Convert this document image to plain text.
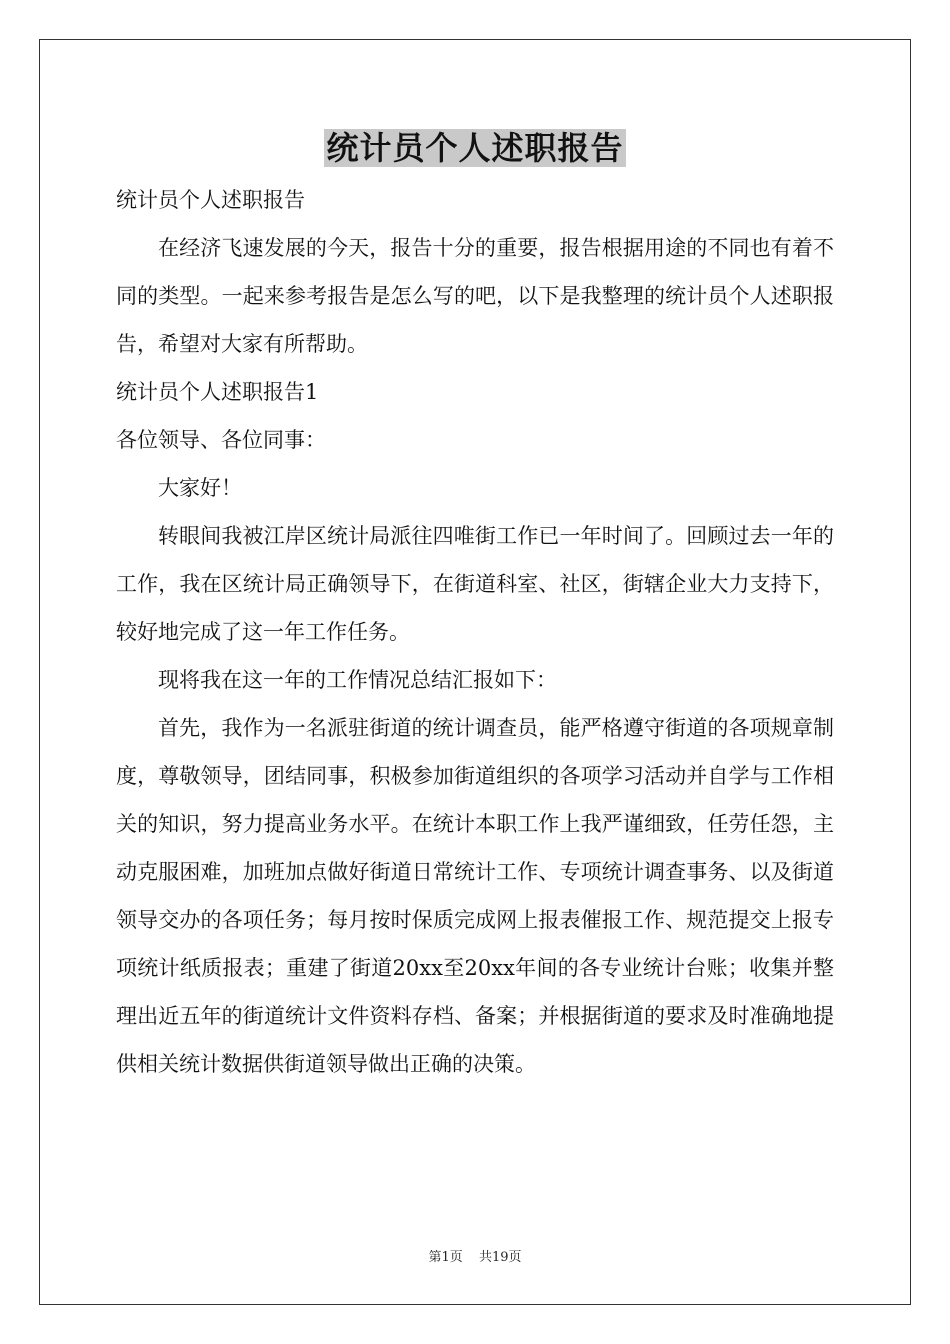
统计员个人述职报告

统计员个人述职报告

在经济飞速发展的今天，报告十分的重要，报告根据用途的不同也有着不同的类型。一起来参考报告是怎么写的吧，以下是我整理的统计员个人述职报告，希望对大家有所帮助。

统计员个人述职报告1

各位领导、各位同事：

大家好！

转眼间我被江岸区统计局派往四唯街工作已一年时间了。回顾过去一年的工作，我在区统计局正确领导下，在街道科室、社区，街辖企业大力支持下，较好地完成了这一年工作任务。

现将我在这一年的工作情况总结汇报如下：

首先，我作为一名派驻街道的统计调查员，能严格遵守街道的各项规章制度，尊敬领导，团结同事，积极参加街道组织的各项学习活动并自学与工作相关的知识，努力提高业务水平。在统计本职工作上我严谨细致，任劳任怨，主动克服困难，加班加点做好街道日常统计工作、专项统计调查事务、以及街道领导交办的各项任务；每月按时保质完成网上报表催报工作、规范提交上报专项统计纸质报表；重建了街道20xx至20xx年间的各专业统计台账；收集并整理出近五年的街道统计文件资料存档、备案；并根据街道的要求及时准确地提供相关统计数据供街道领导做出正确的决策。

第1页 共19页
